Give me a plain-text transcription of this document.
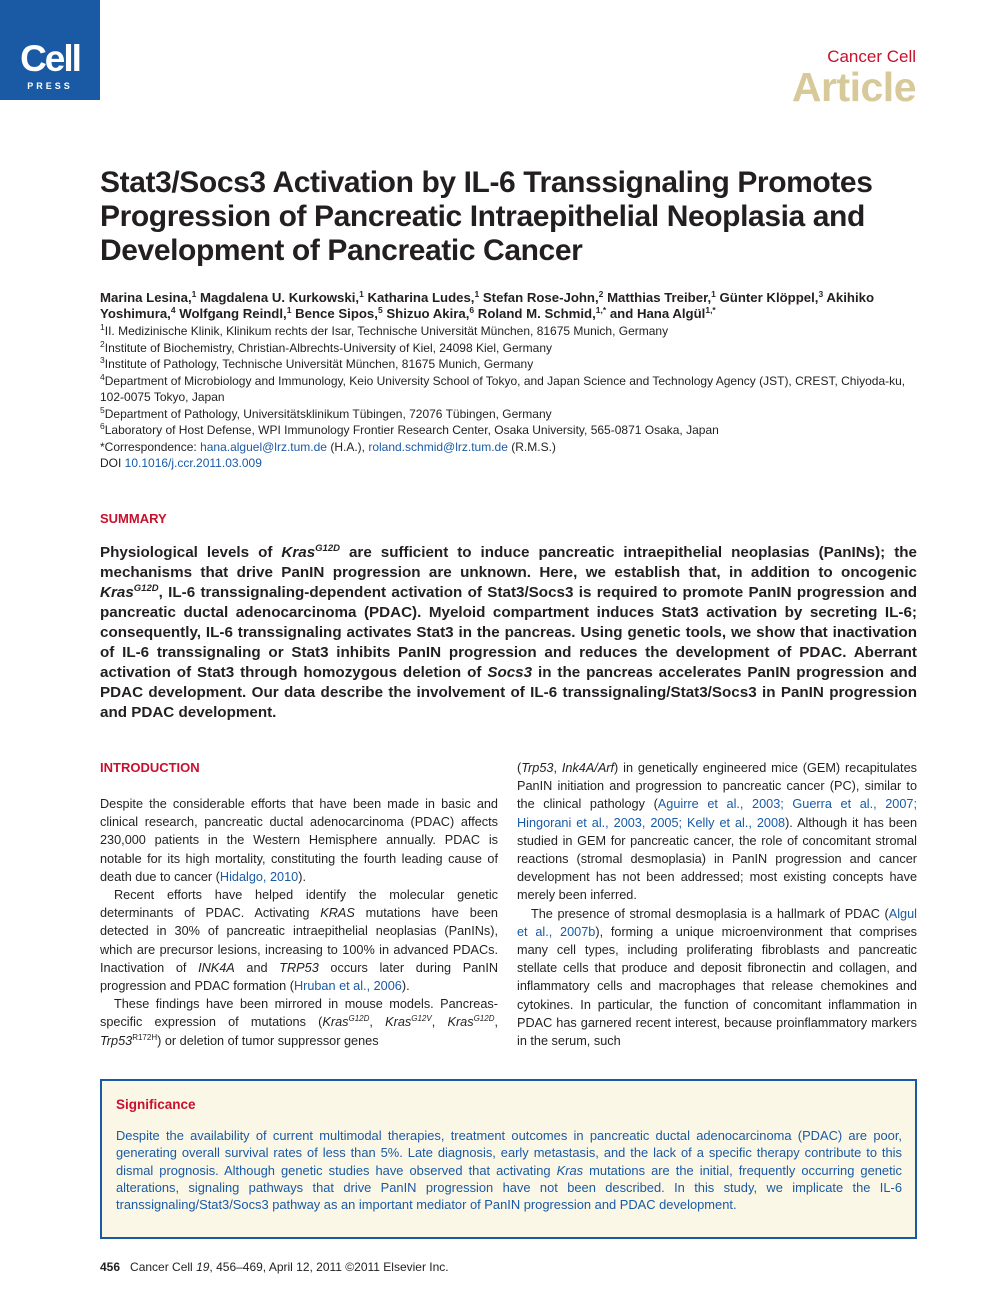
Cell
PRESS
Cancer Cell
Article
Stat3/Socs3 Activation by IL-6 Transsignaling Promotes Progression of Pancreatic Intraepithelial Neoplasia and Development of Pancreatic Cancer
Marina Lesina,$^1$ Magdalena U. Kurkowski,$^1$ Katharina Ludes,$^1$ Stefan Rose-John,$^2$ Matthias Treiber,$^1$ Günter Klöppel,$^3$ Akihiko Yoshimura,$^4$ Wolfgang Reindl,$^1$ Bence Sipos,$^5$ Shizuo Akira,$^6$ Roland M. Schmid,$^{1,*}$ and Hana Algül$^{1,*}$
$^1$II. Medizinische Klinik, Klinikum rechts der Isar, Technische Universität München, 81675 Munich, Germany
$^2$Institute of Biochemistry, Christian-Albrechts-University of Kiel, 24098 Kiel, Germany
$^3$Institute of Pathology, Technische Universität München, 81675 Munich, Germany
$^4$Department of Microbiology and Immunology, Keio University School of Tokyo, and Japan Science and Technology Agency (JST), CREST, Chiyoda-ku, 102-0075 Tokyo, Japan
$^5$Department of Pathology, Universitätsklinikum Tübingen, 72076 Tübingen, Germany
$^6$Laboratory of Host Defense, WPI Immunology Frontier Research Center, Osaka University, 565-0871 Osaka, Japan
*Correspondence: hana.alguel@lrz.tum.de (H.A.), roland.schmid@lrz.tum.de (R.M.S.)
DOI 10.1016/j.ccr.2011.03.009
SUMMARY
Physiological levels of Kras$^{G12D}$ are sufficient to induce pancreatic intraepithelial neoplasias (PanINs); the mechanisms that drive PanIN progression are unknown. Here, we establish that, in addition to oncogenic Kras$^{G12D}$, IL-6 transsignaling-dependent activation of Stat3/Socs3 is required to promote PanIN progression and pancreatic ductal adenocarcinoma (PDAC). Myeloid compartment induces Stat3 activation by secreting IL-6; consequently, IL-6 transsignaling activates Stat3 in the pancreas. Using genetic tools, we show that inactivation of IL-6 transsignaling or Stat3 inhibits PanIN progression and reduces the development of PDAC. Aberrant activation of Stat3 through homozygous deletion of Socs3 in the pancreas accelerates PanIN progression and PDAC development. Our data describe the involvement of IL-6 transsignaling/Stat3/Socs3 in PanIN progression and PDAC development.
INTRODUCTION

Despite the considerable efforts that have been made in basic and clinical research, pancreatic ductal adenocarcinoma (PDAC) affects 230,000 patients in the Western Hemisphere annually. PDAC is notable for its high mortality, constituting the fourth leading cause of death due to cancer (Hidalgo, 2010).

Recent efforts have helped identify the molecular genetic determinants of PDAC. Activating KRAS mutations have been detected in 30% of pancreatic intraepithelial neoplasias (PanINs), which are precursor lesions, increasing to 100% in advanced PDACs. Inactivation of INK4A and TRP53 occurs later during PanIN progression and PDAC formation (Hruban et al., 2006).

These findings have been mirrored in mouse models. Pancreas-specific expression of mutations (Kras$^{G12D}$, Kras$^{G12V}$, Kras$^{G12D}$, $Trp53^{R172H}$) or deletion of tumor suppressor genes

(Trp53, Ink4A/Arf) in genetically engineered mice (GEM) recapitulates PanIN initiation and progression to pancreatic cancer (PC), similar to the clinical pathology (Aguirre et al., 2003; Guerra et al., 2007; Hingorani et al., 2003, 2005; Kelly et al., 2008). Although it has been studied in GEM for pancreatic cancer, the role of concomitant stromal reactions (stromal desmoplasia) in PanIN progression and cancer development has not been addressed; most existing concepts have merely been inferred.

The presence of stromal desmoplasia is a hallmark of PDAC (Algul et al., 2007b), forming a unique microenvironment that comprises many cell types, including proliferating fibroblasts and pancreatic stellate cells that produce and deposit fibronectin and collagen, and inflammatory cells and macrophages that release chemokines and cytokines. In particular, the function of concomitant inflammation in PDAC has garnered recent interest, because proinflammatory markers in the serum, such

Significance
Despite the availability of current multimodal therapies, treatment outcomes in pancreatic ductal adenocarcinoma (PDAC) are poor, generating overall survival rates of less than 5%. Late diagnosis, early metastasis, and the lack of a specific therapy contribute to this dismal prognosis. Although genetic studies have observed that activating Kras mutations are the initial, frequently occurring genetic alterations, signaling pathways that drive PanIN progression have not been described. In this study, we implicate the IL-6 transsignaling/Stat3/Socs3 pathway as an important mediator of PanIN progression and PDAC development.
456 Cancer Cell 19, 456–469, April 12, 2011 ©2011 Elsevier Inc.
